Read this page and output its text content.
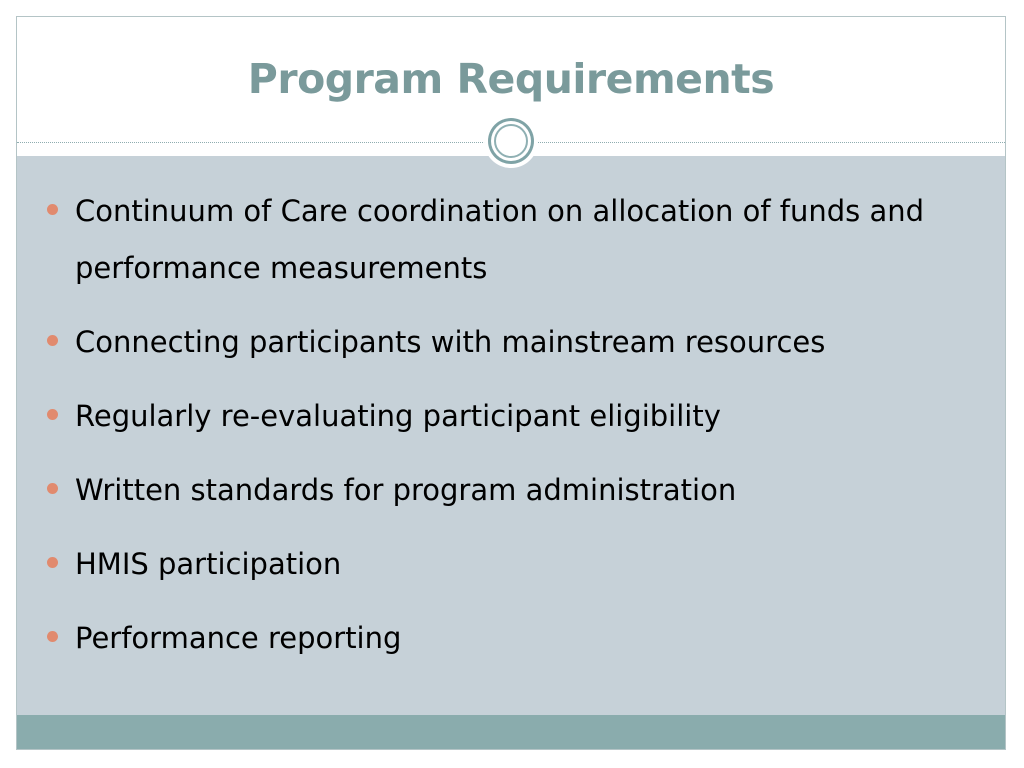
Program Requirements
Continuum of Care coordination on allocation of funds and performance measurements
Connecting participants with mainstream resources
Regularly re-evaluating participant eligibility
Written standards for program administration
HMIS participation
Performance reporting
